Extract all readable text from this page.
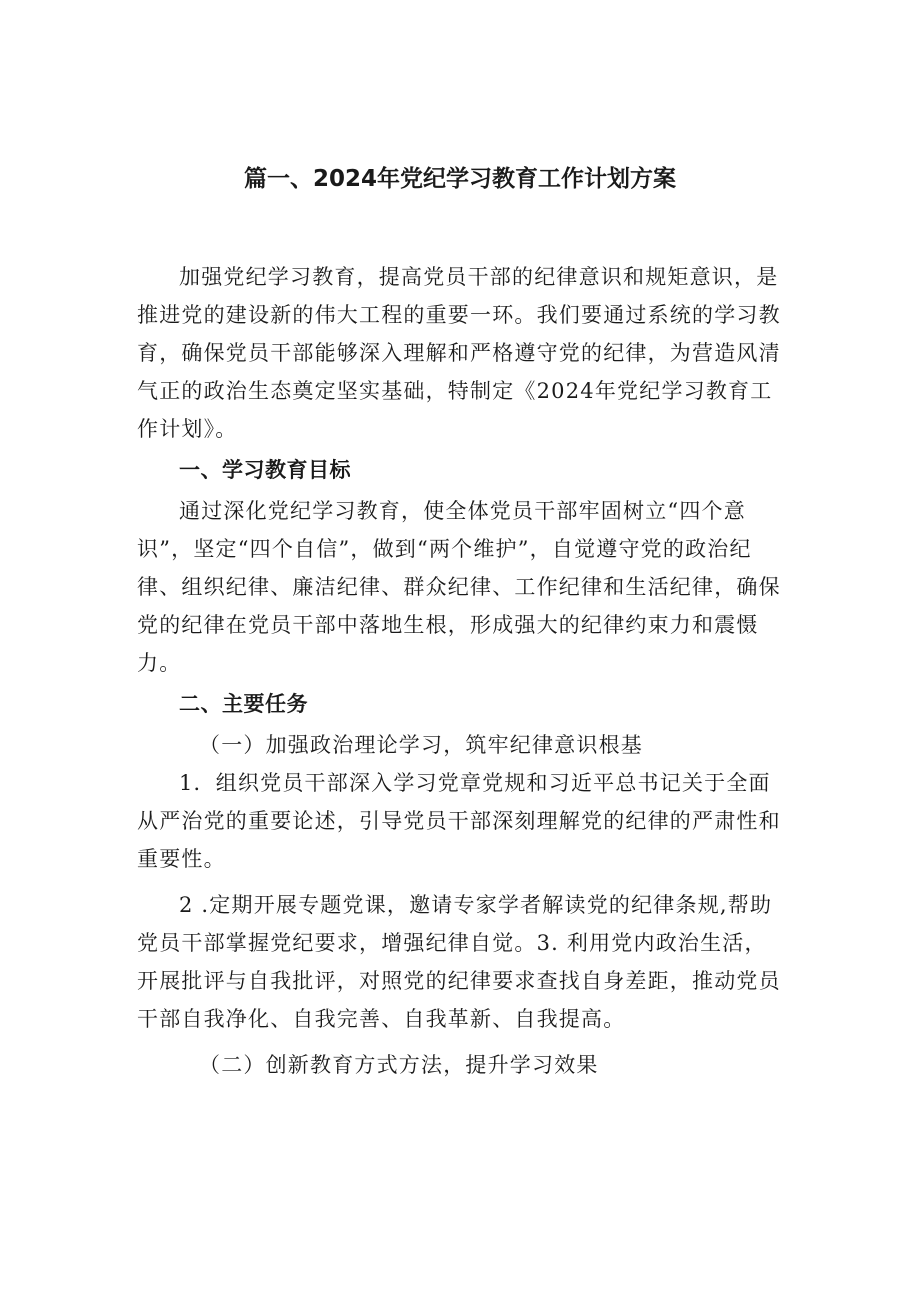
篇一、2024年党纪学习教育工作计划方案

加强党纪学习教育，提高党员干部的纪律意识和规矩意识，是推进党的建设新的伟大工程的重要一环。我们要通过系统的学习教育，确保党员干部能够深入理解和严格遵守党的纪律，为营造风清气正的政治生态奠定坚实基础，特制定《2024年党纪学习教育工作计划》。

一、学习教育目标

通过深化党纪学习教育，使全体党员干部牢固树立“四个意识”，坚定“四个自信”，做到“两个维护”，自觉遵守党的政治纪律、组织纪律、廉洁纪律、群众纪律、工作纪律和生活纪律，确保党的纪律在党员干部中落地生根，形成强大的纪律约束力和震慑力。

二、主要任务

（一）加强政治理论学习，筑牢纪律意识根基

1．组织党员干部深入学习党章党规和习近平总书记关于全面从严治党的重要论述，引导党员干部深刻理解党的纪律的严肃性和重要性。

2 .定期开展专题党课，邀请专家学者解读党的纪律条规,帮助党员干部掌握党纪要求，增强纪律自觉。3. 利用党内政治生活，开展批评与自我批评，对照党的纪律要求查找自身差距，推动党员干部自我净化、自我完善、自我革新、自我提高。

（二）创新教育方式方法，提升学习效果
